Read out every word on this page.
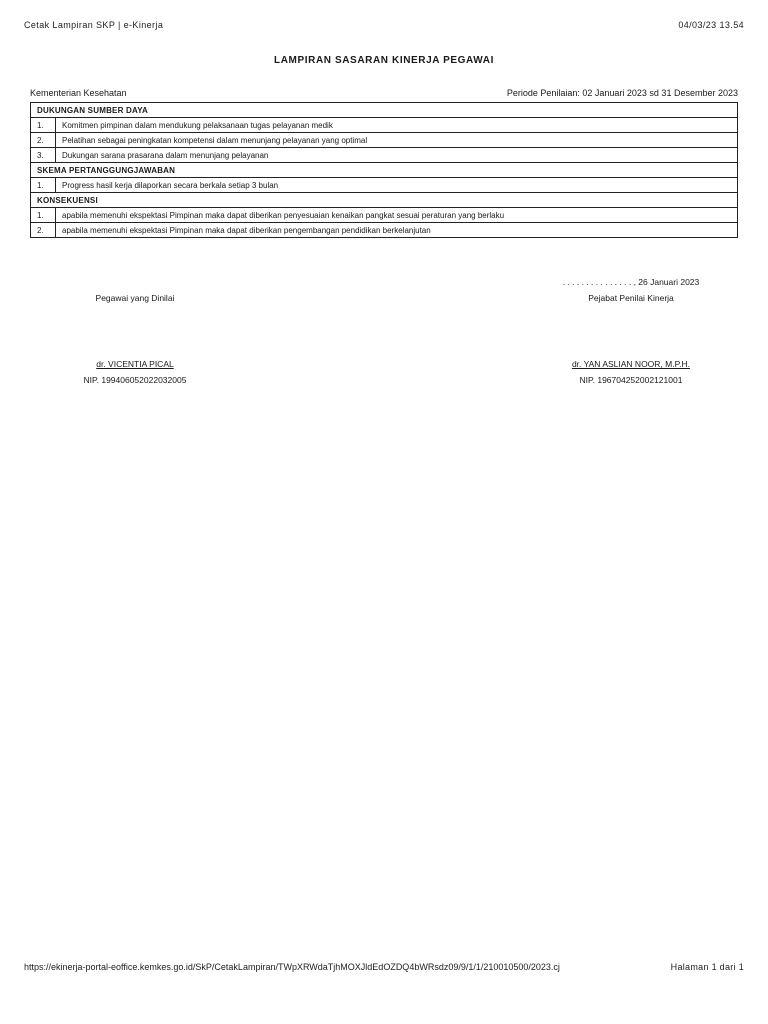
Cetak Lampiran SKP | e-Kinerja	04/03/23 13.54
LAMPIRAN SASARAN KINERJA PEGAWAI
Kementerian Kesehatan	Periode Penilaian: 02 Januari 2023 sd 31 Desember 2023
DUKUNGAN SUMBER DAYA	
1.	Komitmen pimpinan dalam mendukung pelaksanaan tugas pelayanan medik
2.	Pelatihan sebagai peningkatan kompetensi dalam menunjang pelayanan yang optimal
3.	Dukungan sarana prasarana dalam menunjang pelayanan
SKEMA PERTANGGUNGJAWABAN	
1.	Progress hasil kerja dilaporkan secara berkala setiap 3 bulan
KONSEKUENSI	
1.	apabila memenuhi ekspektasi Pimpinan maka dapat diberikan penyesuaian kenaikan pangkat sesuai peraturan yang berlaku
2.	apabila memenuhi ekspektasi Pimpinan maka dapat diberikan pengembangan pendidikan berkelanjutan
. . . . . . . . . . . . . . . , 26 Januari 2023
Pegawai yang Dinilai	Pejabat Penilai Kinerja
dr. VICENTIA PICAL	dr. YAN ASLIAN NOOR, M.P.H.
NIP. 199406052022032005	NIP. 196704252002121001
https://ekinerja-portal-eoffice.kemkes.go.id/SkP/CetakLampiran/TWpXRWdaTjhMOXJldEdOZDQ4bWRsdz09/9/1/1/210010500/2023.cj	Halaman 1 dari 1
